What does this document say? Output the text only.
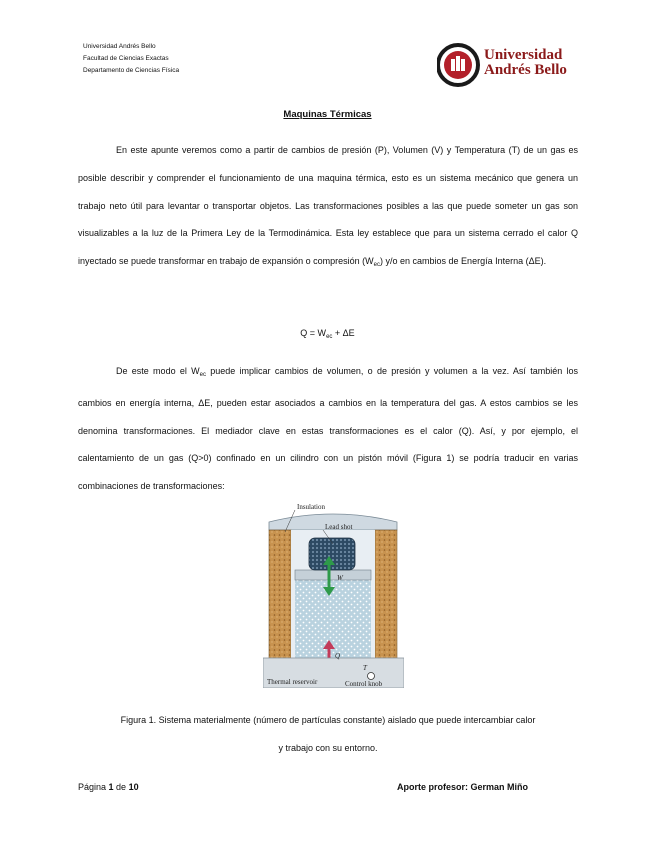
Universidad Andrés Bello
Facultad de Ciencias Exactas
Departamento de Ciencias Física
Universidad
Andrés Bello
Maquinas Térmicas

En este apunte veremos como a partir de cambios de presión (P), Volumen (V) y Temperatura (T) de un gas es posible describir y comprender el funcionamiento de una maquina térmica, esto es un sistema mecánico que genera un trabajo neto útil para levantar o transportar objetos. Las transformaciones posibles a las que puede someter un gas son visualizables a la luz de la Primera Ley de la Termodinámica. Esta ley establece que para un sistema cerrado el calor Q inyectado se puede transformar en trabajo de expansión o compresión $(W_{ec})$ y/o en cambios de Energía Interna (ΔE).

$Q = W_{ec} + \Delta E$

De este modo el $W_{ec}$ puede implicar cambios de volumen, o de presión y volumen a la vez. Así también los cambios en energía interna, ΔE, pueden estar asociados a cambios en la temperatura del gas. A estos cambios se les denomina transformaciones. El mediador clave en estas transformaciones es el calor (Q). Así, y por ejemplo, el calentamiento de un gas (Q>0) confinado en un cilindro con un pistón móvil (Figura 1) se podría traducir en varias combinaciones de transformaciones:

Insulation
Lead shot
W
Q
T
Thermal reservoir	Control knob
Figura 1. Sistema materialmente (número de partículas constante) aislado que puede intercambiar calor
y trabajo con su entorno.
Página 1 de 10	Aporte profesor: German Miño
